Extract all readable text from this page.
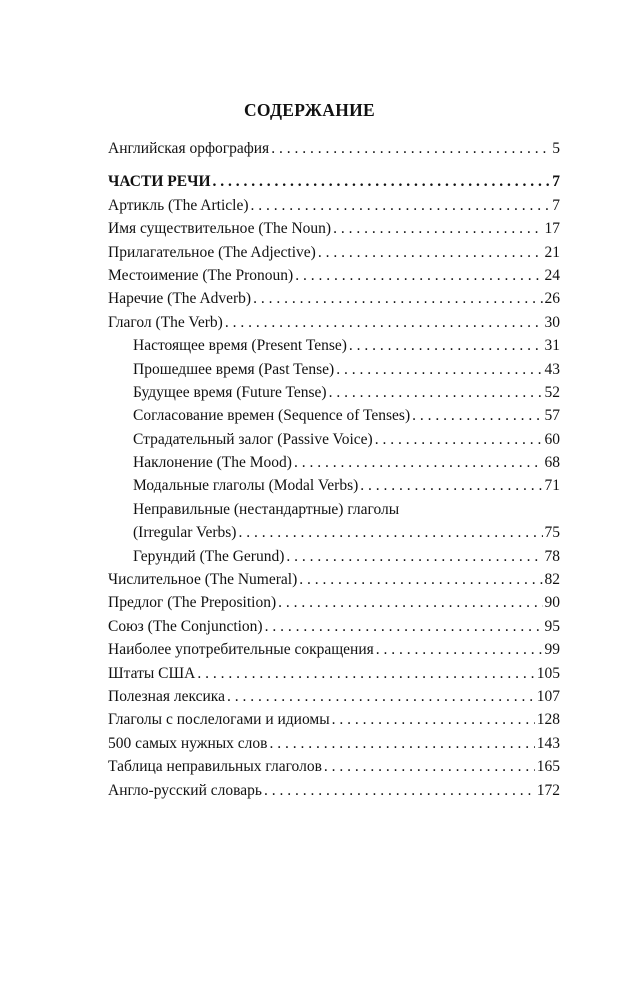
СОДЕРЖАНИЕ
Английская орфография . . .	5
ЧАСТИ РЕЧИ . . .	7
Артикль (The Article) . . .	7
Имя существительное (The Noun) . . .	17
Прилагательное (The Adjective) . . .	21
Местоимение (The Pronoun) . . .	24
Наречие (The Adverb) . . .	26
Глагол (The Verb) . . .	30
Настоящее время (Present Tense) . . .	31
Прошедшее время (Past Tense) . . .	43
Будущее время (Future Tense) . . .	52
Согласование времен (Sequence of Tenses) . . .	57
Страдательный залог (Passive Voice) . . .	60
Наклонение (The Mood) . . .	68
Модальные глаголы (Modal Verbs) . . .	71
Неправильные (нестандартные) глаголы
(Irregular Verbs) . . .	75
Герундий (The Gerund) . . .	78
Числительное (The Numeral) . . .	82
Предлог (The Preposition) . . .	90
Союз (The Conjunction) . . .	95
Наиболее употребительные сокращения . . .	99
Штаты США . . .	105
Полезная лексика . . .	107
Глаголы с послелогами и идиомы . . .	128
500 самых нужных слов . . .	143
Таблица неправильных глаголов . . .	165
Англо-русский словарь . . .	172
